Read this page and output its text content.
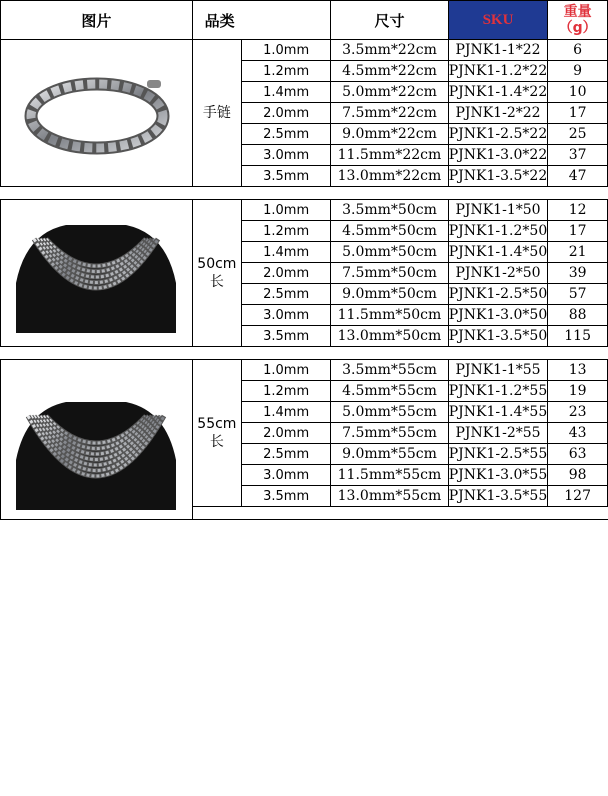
图片	品类		尺寸	SKU	重量
（g）

	手链	1.0mm	3.5mm*22cm	PJNK1-1*22	6
		1.2mm	4.5mm*22cm	PJNK1-1.2*22	9
		1.4mm	5.0mm*22cm	PJNK1-1.4*22	10
		2.0mm	7.5mm*22cm	PJNK1-2*22	17
		2.5mm	9.0mm*22cm	PJNK1-2.5*22	25
		3.0mm	11.5mm*22cm	PJNK1-3.0*22	37
		3.5mm	13.0mm*22cm	PJNK1-3.5*22	47

	50cm
长	1.0mm	3.5mm*50cm	PJNK1-1*50	12
		1.2mm	4.5mm*50cm	PJNK1-1.2*50	17
		1.4mm	5.0mm*50cm	PJNK1-1.4*50	21
		2.0mm	7.5mm*50cm	PJNK1-2*50	39
		2.5mm	9.0mm*50cm	PJNK1-2.5*50	57
		3.0mm	11.5mm*50cm	PJNK1-3.0*50	88
		3.5mm	13.0mm*50cm	PJNK1-3.5*50	115

	55cm
长	1.0mm	3.5mm*55cm	PJNK1-1*55	13
		1.2mm	4.5mm*55cm	PJNK1-1.2*55	19
		1.4mm	5.0mm*55cm	PJNK1-1.4*55	23
		2.0mm	7.5mm*55cm	PJNK1-2*55	43
		2.5mm	9.0mm*55cm	PJNK1-2.5*55	63
		3.0mm	11.5mm*55cm	PJNK1-3.0*55	98
		3.5mm	13.0mm*55cm	PJNK1-3.5*55	127
